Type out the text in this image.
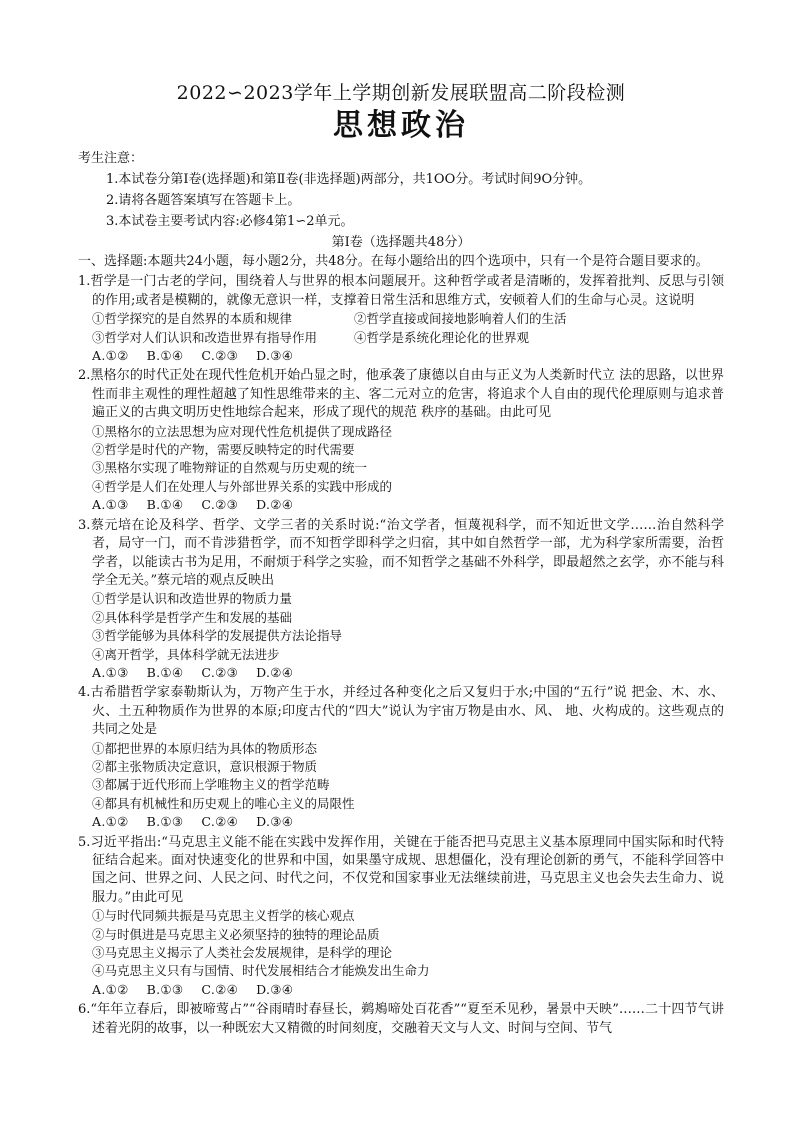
2022∽2023学年上学期创新发展联盟高二阶段检测
思想政治
考生注意：
1.本试卷分第Ⅰ卷(选择题)和第Ⅱ卷(非选择题)两部分，共1OO分。考试时间9O分钟。
2.请将各题答案填写在答题卡上。
3.本试卷主要考试内容:必修4第1∽2单元。
第Ⅰ卷（选择题共48分）
一、选择题:本题共24小题，每小题2分，共48分。在每小题给出的四个选项中，只有一个是符合题目要求的。
1.哲学是一门古老的学问，围绕着人与世界的根本问题展开。这种哲学或者是清晰的，发挥着批判、反思与引领的作用;或者是模糊的，就像无意识一样，支撑着日常生活和思维方式，安顿着人们的生命与心灵。这说明
①哲学探究的是自然界的本质和规律	②哲学直接或间接地影响着人们的生活
③哲学对人们认识和改造世界有指导作用	④哲学是系统化理论化的世界观
A.①② B.①④ C.②③ D.③④
2.黑格尔的时代正处在现代性危机开始凸显之时，他承袭了康德以自由与正义为人类新时代立 法的思路，以世界性而非主观性的理性超越了知性思维带来的主、客二元对立的危害，将追求个人自由的现代伦理原则与追求普遍正义的古典文明历史性地综合起来，形成了现代的规范 秩序的基础。由此可见
①黑格尔的立法思想为应对现代性危机提供了现成路径
②哲学是时代的产物，需要反映特定的时代需要
③黑格尔实现了唯物辩证的自然观与历史观的统一
④哲学是人们在处理人与外部世界关系的实践中形成的
A.①③ B.①④ C.②③ D.②④
3.蔡元培在论及科学、哲学、文学三者的关系时说:“治文学者，恒蔑视科学，而不知近世文学……治自然科学者，局守一门，而不肯涉猎哲学，而不知哲学即科学之归宿，其中如自然哲学一部，尤为科学家所需要，治哲学者，以能读古书为足用，不耐烦于科学之实验，而不知哲学之基础不外科学，即最超然之玄学，亦不能与科学全无关。”蔡元培的观点反映出
①哲学是认识和改造世界的物质力量
②具体科学是哲学产生和发展的基础
③哲学能够为具体科学的发展提供方法论指导
④离开哲学，具体科学就无法进步
A.①③ B.①④ C.②③ D.②④
4.古希腊哲学家泰勒斯认为，万物产生于水，并经过各种变化之后又复归于水;中国的“五行”说 把金、木、水、火、土五种物质作为世界的本原;印度古代的“四大”说认为宇宙万物是由水、风、 地、火构成的。这些观点的共同之处是
①都把世界的本原归结为具体的物质形态
②都主张物质决定意识，意识根源于物质
③都属于近代形而上学唯物主义的哲学范畴
④都具有机械性和历史观上的唯心主义的局限性
A.①② B.①③ C.②④ D.③④
5.习近平指出:“马克思主义能不能在实践中发挥作用，关键在于能否把马克思主义基本原理同中国实际和时代特征结合起来。面对快速变化的世界和中国，如果墨守成规、思想僵化，没有理论创新的勇气，不能科学回答中国之问、世界之问、人民之问、时代之问，不仅党和国家事业无法继续前进，马克思主义也会失去生命力、说服力。”由此可见
①与时代同频共振是马克思主义哲学的核心观点
②与时俱进是马克思主义必须坚持的独特的理论品质
③马克思主义揭示了人类社会发展规律，是科学的理论
④马克思主义只有与国情、时代发展相结合才能焕发出生命力
A.①② B.①③ C.②④ D.③④
6.“年年立春后，即被啼莺占”“谷雨晴时春昼长，鹈鴂啼处百花香”“夏至禾见秒，暑景中天映”……二十四节气讲述着光阴的故事，以一种既宏大又精微的时间刻度，交融着天文与人文、时间与空间、节气
